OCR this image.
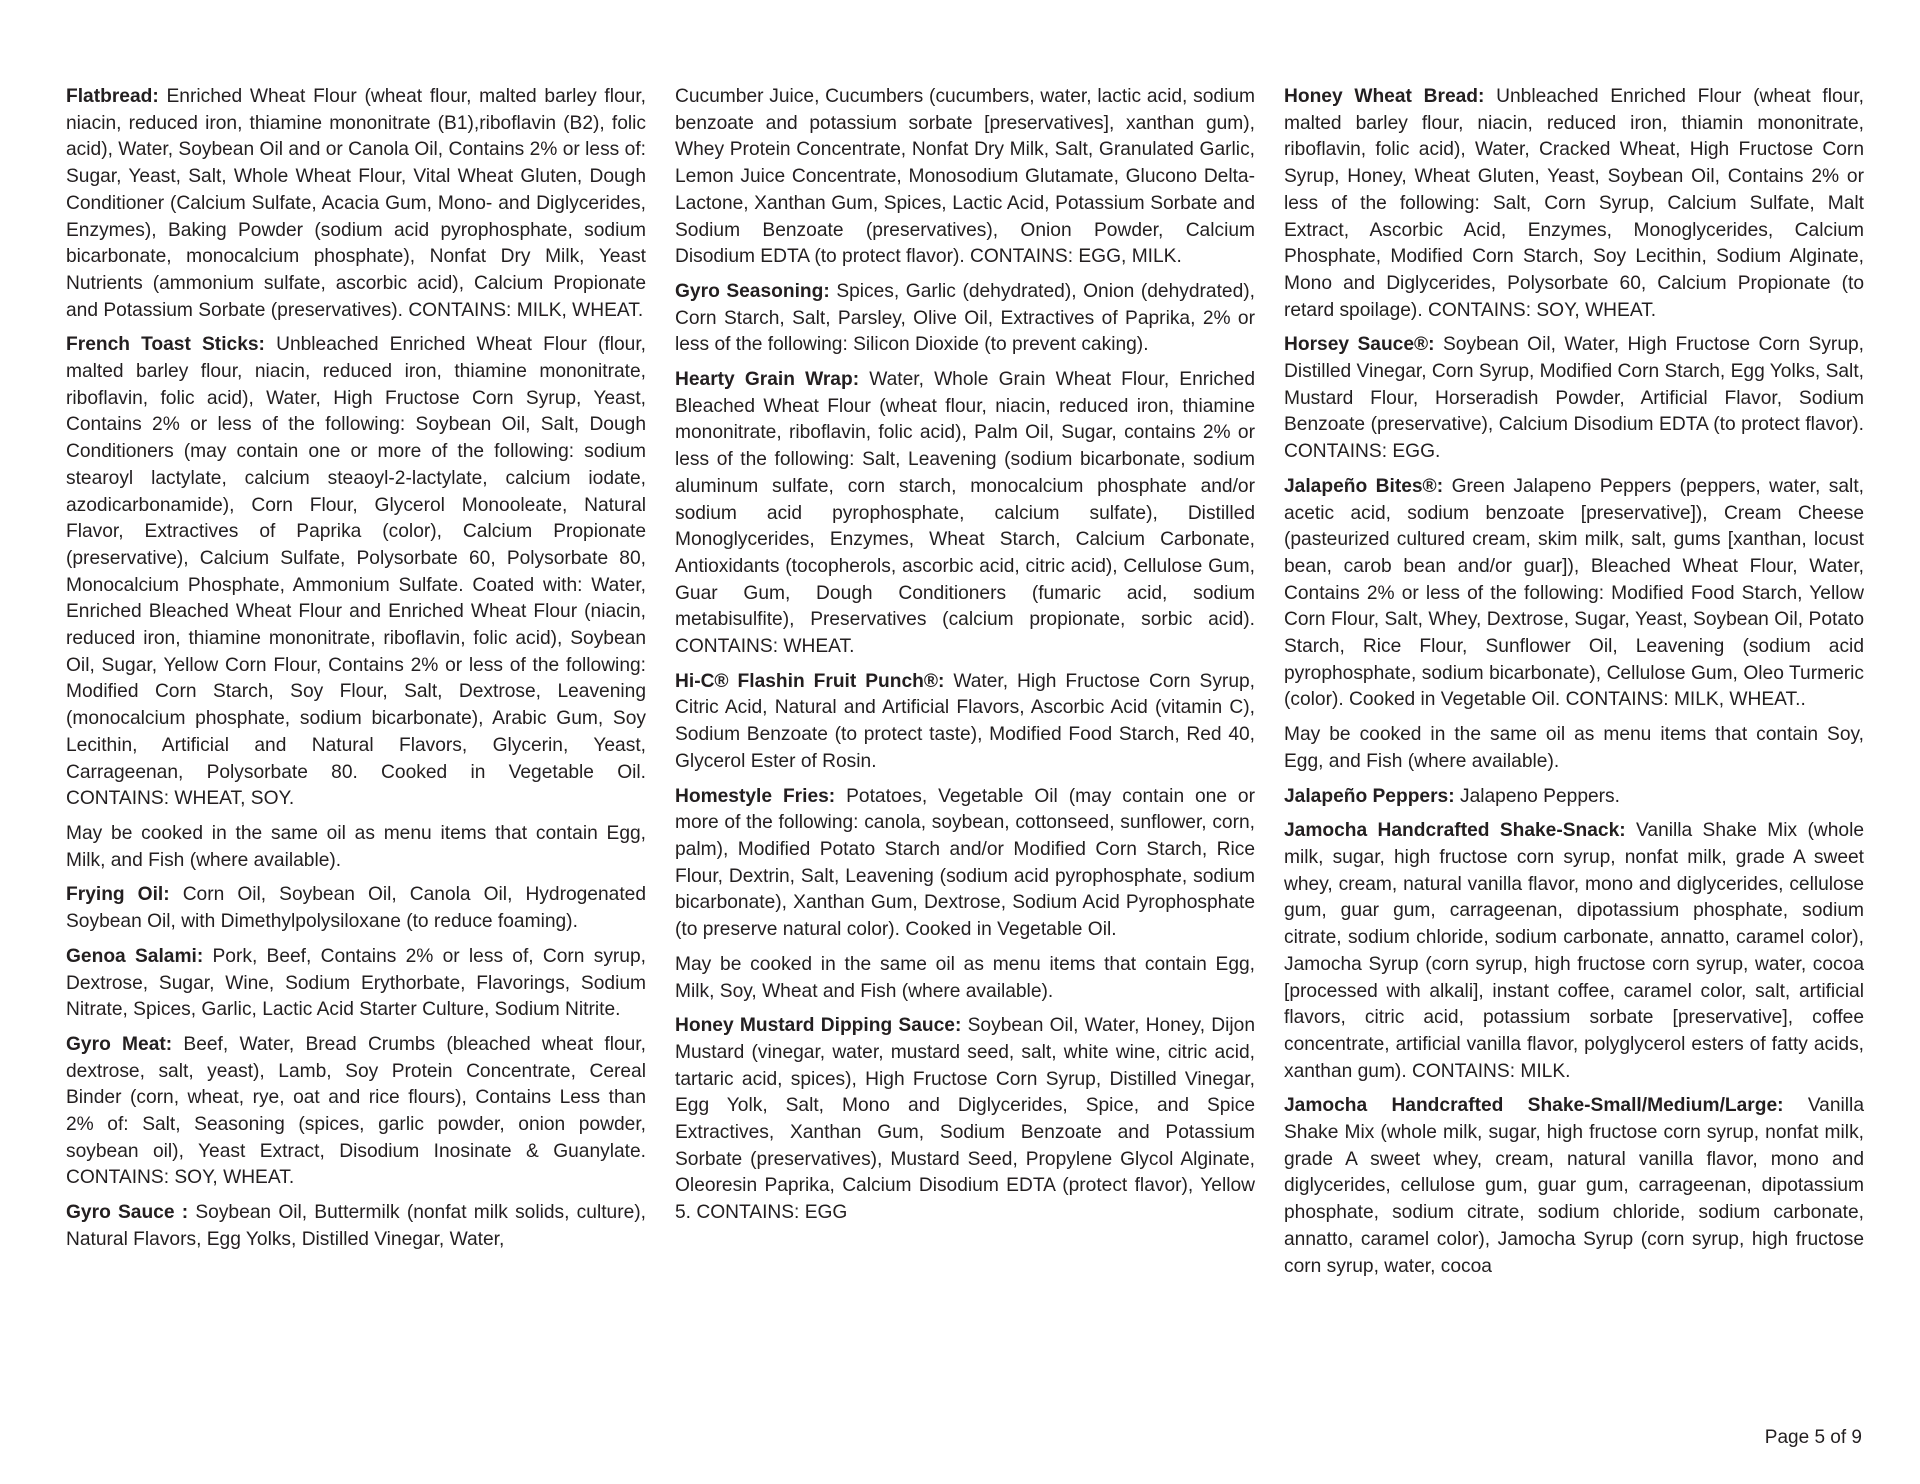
Flatbread: Enriched Wheat Flour (wheat flour, malted barley flour, niacin, reduced iron, thiamine mononitrate (B1),riboflavin (B2), folic acid), Water, Soybean Oil and or Canola Oil, Contains 2% or less of: Sugar, Yeast, Salt, Whole Wheat Flour, Vital Wheat Gluten, Dough Conditioner (Calcium Sulfate, Acacia Gum, Mono- and Diglycerides, Enzymes), Baking Powder (sodium acid pyrophosphate, sodium bicarbonate, monocalcium phosphate), Nonfat Dry Milk, Yeast Nutrients (ammonium sulfate, ascorbic acid), Calcium Propionate and Potassium Sorbate (preservatives). CONTAINS: MILK, WHEAT.

French Toast Sticks: Unbleached Enriched Wheat Flour (flour, malted barley flour, niacin, reduced iron, thiamine mononitrate, riboflavin, folic acid), Water, High Fructose Corn Syrup, Yeast, Contains 2% or less of the following: Soybean Oil, Salt, Dough Conditioners (may contain one or more of the following: sodium stearoyl lactylate, calcium steaoyl-2-lactylate, calcium iodate, azodicarbonamide), Corn Flour, Glycerol Monooleate, Natural Flavor, Extractives of Paprika (color), Calcium Propionate (preservative), Calcium Sulfate, Polysorbate 60, Polysorbate 80, Monocalcium Phosphate, Ammonium Sulfate. Coated with: Water, Enriched Bleached Wheat Flour and Enriched Wheat Flour (niacin, reduced iron, thiamine mononitrate, riboflavin, folic acid), Soybean Oil, Sugar, Yellow Corn Flour, Contains 2% or less of the following: Modified Corn Starch, Soy Flour, Salt, Dextrose, Leavening (monocalcium phosphate, sodium bicarbonate), Arabic Gum, Soy Lecithin, Artificial and Natural Flavors, Glycerin, Yeast, Carrageenan, Polysorbate 80. Cooked in Vegetable Oil. CONTAINS: WHEAT, SOY.

May be cooked in the same oil as menu items that contain Egg, Milk, and Fish (where available).

Frying Oil: Corn Oil, Soybean Oil, Canola Oil, Hydrogenated Soybean Oil, with Dimethylpolysiloxane (to reduce foaming).

Genoa Salami: Pork, Beef, Contains 2% or less of, Corn syrup, Dextrose, Sugar, Wine, Sodium Erythorbate, Flavorings, Sodium Nitrate, Spices, Garlic, Lactic Acid Starter Culture, Sodium Nitrite.

Gyro Meat: Beef, Water, Bread Crumbs (bleached wheat flour, dextrose, salt, yeast), Lamb, Soy Protein Concentrate, Cereal Binder (corn, wheat, rye, oat and rice flours), Contains Less than 2% of: Salt, Seasoning (spices, garlic powder, onion powder, soybean oil), Yeast Extract, Disodium Inosinate & Guanylate. CONTAINS: SOY, WHEAT.

Gyro Sauce : Soybean Oil, Buttermilk (nonfat milk solids, culture), Natural Flavors, Egg Yolks, Distilled Vinegar, Water,

Cucumber Juice, Cucumbers (cucumbers, water, lactic acid, sodium benzoate and potassium sorbate [preservatives], xanthan gum), Whey Protein Concentrate, Nonfat Dry Milk, Salt, Granulated Garlic, Lemon Juice Concentrate, Monosodium Glutamate, Glucono Delta-Lactone, Xanthan Gum, Spices, Lactic Acid, Potassium Sorbate and Sodium Benzoate (preservatives), Onion Powder, Calcium Disodium EDTA (to protect flavor). CONTAINS: EGG, MILK.

Gyro Seasoning: Spices, Garlic (dehydrated), Onion (dehydrated), Corn Starch, Salt, Parsley, Olive Oil, Extractives of Paprika, 2% or less of the following: Silicon Dioxide (to prevent caking).

Hearty Grain Wrap: Water, Whole Grain Wheat Flour, Enriched Bleached Wheat Flour (wheat flour, niacin, reduced iron, thiamine mononitrate, riboflavin, folic acid), Palm Oil, Sugar, contains 2% or less of the following: Salt, Leavening (sodium bicarbonate, sodium aluminum sulfate, corn starch, monocalcium phosphate and/or sodium acid pyrophosphate, calcium sulfate), Distilled Monoglycerides, Enzymes, Wheat Starch, Calcium Carbonate, Antioxidants (tocopherols, ascorbic acid, citric acid), Cellulose Gum, Guar Gum, Dough Conditioners (fumaric acid, sodium metabisulfite), Preservatives (calcium propionate, sorbic acid). CONTAINS: WHEAT.

Hi-C® Flashin Fruit Punch®: Water, High Fructose Corn Syrup, Citric Acid, Natural and Artificial Flavors, Ascorbic Acid (vitamin C), Sodium Benzoate (to protect taste), Modified Food Starch, Red 40, Glycerol Ester of Rosin.

Homestyle Fries: Potatoes, Vegetable Oil (may contain one or more of the following: canola, soybean, cottonseed, sunflower, corn, palm), Modified Potato Starch and/or Modified Corn Starch, Rice Flour, Dextrin, Salt, Leavening (sodium acid pyrophosphate, sodium bicarbonate), Xanthan Gum, Dextrose, Sodium Acid Pyrophosphate (to preserve natural color). Cooked in Vegetable Oil.

May be cooked in the same oil as menu items that contain Egg, Milk, Soy, Wheat and Fish (where available).

Honey Mustard Dipping Sauce: Soybean Oil, Water, Honey, Dijon Mustard (vinegar, water, mustard seed, salt, white wine, citric acid, tartaric acid, spices), High Fructose Corn Syrup, Distilled Vinegar, Egg Yolk, Salt, Mono and Diglycerides, Spice, and Spice Extractives, Xanthan Gum, Sodium Benzoate and Potassium Sorbate (preservatives), Mustard Seed, Propylene Glycol Alginate, Oleoresin Paprika, Calcium Disodium EDTA (protect flavor), Yellow 5. CONTAINS: EGG

Honey Wheat Bread: Unbleached Enriched Flour (wheat flour, malted barley flour, niacin, reduced iron, thiamin mononitrate, riboflavin, folic acid), Water, Cracked Wheat, High Fructose Corn Syrup, Honey, Wheat Gluten, Yeast, Soybean Oil, Contains 2% or less of the following: Salt, Corn Syrup, Calcium Sulfate, Malt Extract, Ascorbic Acid, Enzymes, Monoglycerides, Calcium Phosphate, Modified Corn Starch, Soy Lecithin, Sodium Alginate, Mono and Diglycerides, Polysorbate 60, Calcium Propionate (to retard spoilage). CONTAINS: SOY, WHEAT.

Horsey Sauce®: Soybean Oil, Water, High Fructose Corn Syrup, Distilled Vinegar, Corn Syrup, Modified Corn Starch, Egg Yolks, Salt, Mustard Flour, Horseradish Powder, Artificial Flavor, Sodium Benzoate (preservative), Calcium Disodium EDTA (to protect flavor). CONTAINS: EGG.

Jalapeño Bites®: Green Jalapeno Peppers (peppers, water, salt, acetic acid, sodium benzoate [preservative]), Cream Cheese (pasteurized cultured cream, skim milk, salt, gums [xanthan, locust bean, carob bean and/or guar]), Bleached Wheat Flour, Water, Contains 2% or less of the following: Modified Food Starch, Yellow Corn Flour, Salt, Whey, Dextrose, Sugar, Yeast, Soybean Oil, Potato Starch, Rice Flour, Sunflower Oil, Leavening (sodium acid pyrophosphate, sodium bicarbonate), Cellulose Gum, Oleo Turmeric (color). Cooked in Vegetable Oil. CONTAINS: MILK, WHEAT..

May be cooked in the same oil as menu items that contain Soy, Egg, and Fish (where available).

Jalapeño Peppers: Jalapeno Peppers.

Jamocha Handcrafted Shake-Snack: Vanilla Shake Mix (whole milk, sugar, high fructose corn syrup, nonfat milk, grade A sweet whey, cream, natural vanilla flavor, mono and diglycerides, cellulose gum, guar gum, carrageenan, dipotassium phosphate, sodium citrate, sodium chloride, sodium carbonate, annatto, caramel color), Jamocha Syrup (corn syrup, high fructose corn syrup, water, cocoa [processed with alkali], instant coffee, caramel color, salt, artificial flavors, citric acid, potassium sorbate [preservative], coffee concentrate, artificial vanilla flavor, polyglycerol esters of fatty acids, xanthan gum). CONTAINS: MILK.

Jamocha Handcrafted Shake-Small/Medium/Large: Vanilla Shake Mix (whole milk, sugar, high fructose corn syrup, nonfat milk, grade A sweet whey, cream, natural vanilla flavor, mono and diglycerides, cellulose gum, guar gum, carrageenan, dipotassium phosphate, sodium citrate, sodium chloride, sodium carbonate, annatto, caramel color), Jamocha Syrup (corn syrup, high fructose corn syrup, water, cocoa

Page 5 of 9
